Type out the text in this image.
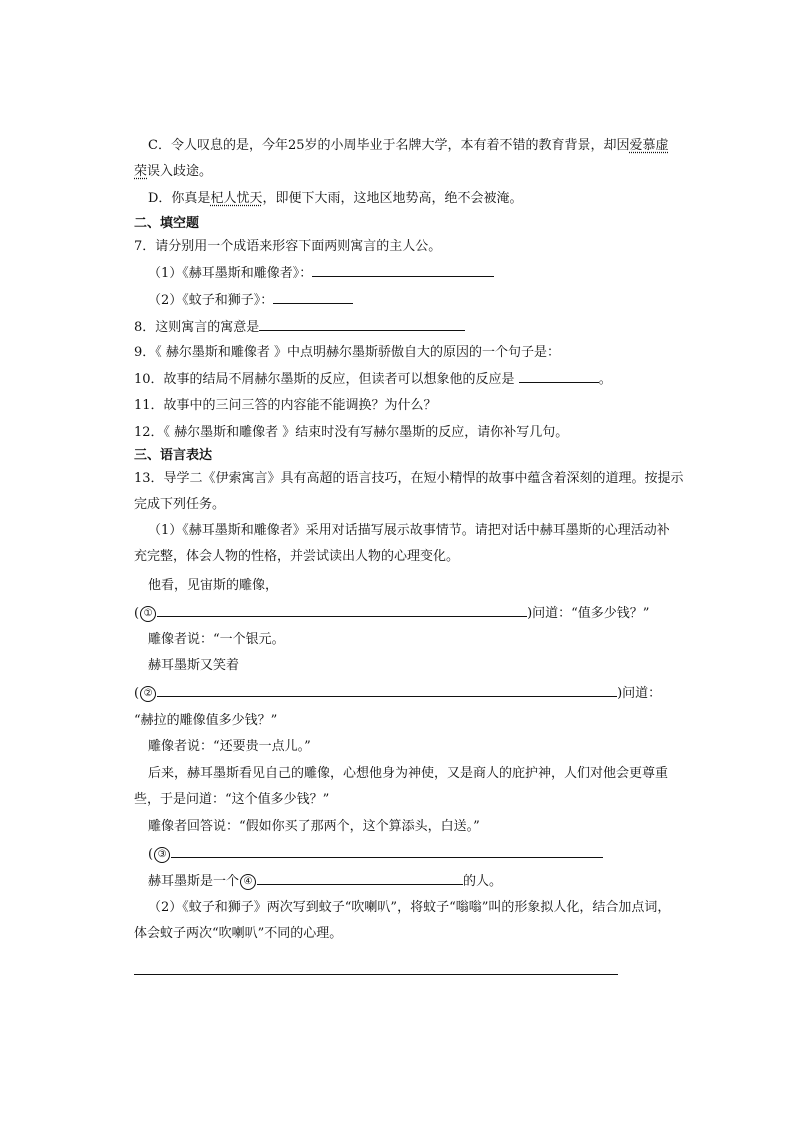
C．令人叹息的是，今年25岁的小周毕业于名牌大学，本有着不错的教育背景，却因爱慕虚
荣误入歧途。
D．你真是杞人忧天，即便下大雨，这地区地势高，绝不会被淹。
二、填空题
7．请分别用一个成语来形容下面两则寓言的主人公。
（1）《赫耳墨斯和雕像者》：
（2）《蚊子和狮子》：
8．这则寓言的寓意是
9．《 赫尔墨斯和雕像者 》中点明赫尔墨斯骄傲自大的原因的一个句子是：
10．故事的结局不屑赫尔墨斯的反应，但读者可以想象他的反应是	。
11．故事中的三问三答的内容能不能调换？为什么？
12．《 赫尔墨斯和雕像者 》结束时没有写赫尔墨斯的反应，请你补写几句。
三、语言表达
13．导学二《伊索寓言》具有高超的语言技巧，在短小精悍的故事中蕴含着深刻的道理。按提示
完成下列任务。
（1）《赫耳墨斯和雕像者》采用对话描写展示故事情节。请把对话中赫耳墨斯的心理活动补
充完整，体会人物的性格，并尝试读出人物的心理变化。
他看，见宙斯的雕像，
( ①	)问道：“值多少钱？”
雕像者说：“一个银元。
赫耳墨斯又笑着
( ②	)问道：
“赫拉的雕像值多少钱？”
雕像者说：“还要贵一点儿。”
后来，赫耳墨斯看见自己的雕像，心想他身为神使，又是商人的庇护神，人们对他会更尊重
些，于是问道：“这个值多少钱？”
雕像者回答说：“假如你买了那两个，这个算添头，白送。”
( ③
赫耳墨斯是一个 ④	的人。
（2）《蚊子和狮子》两次写到蚊子“吹喇叭”，将蚊子“嗡嗡”叫的形象拟人化，结合加点词，
体会蚊子两次“吹喇叭”不同的心理。
